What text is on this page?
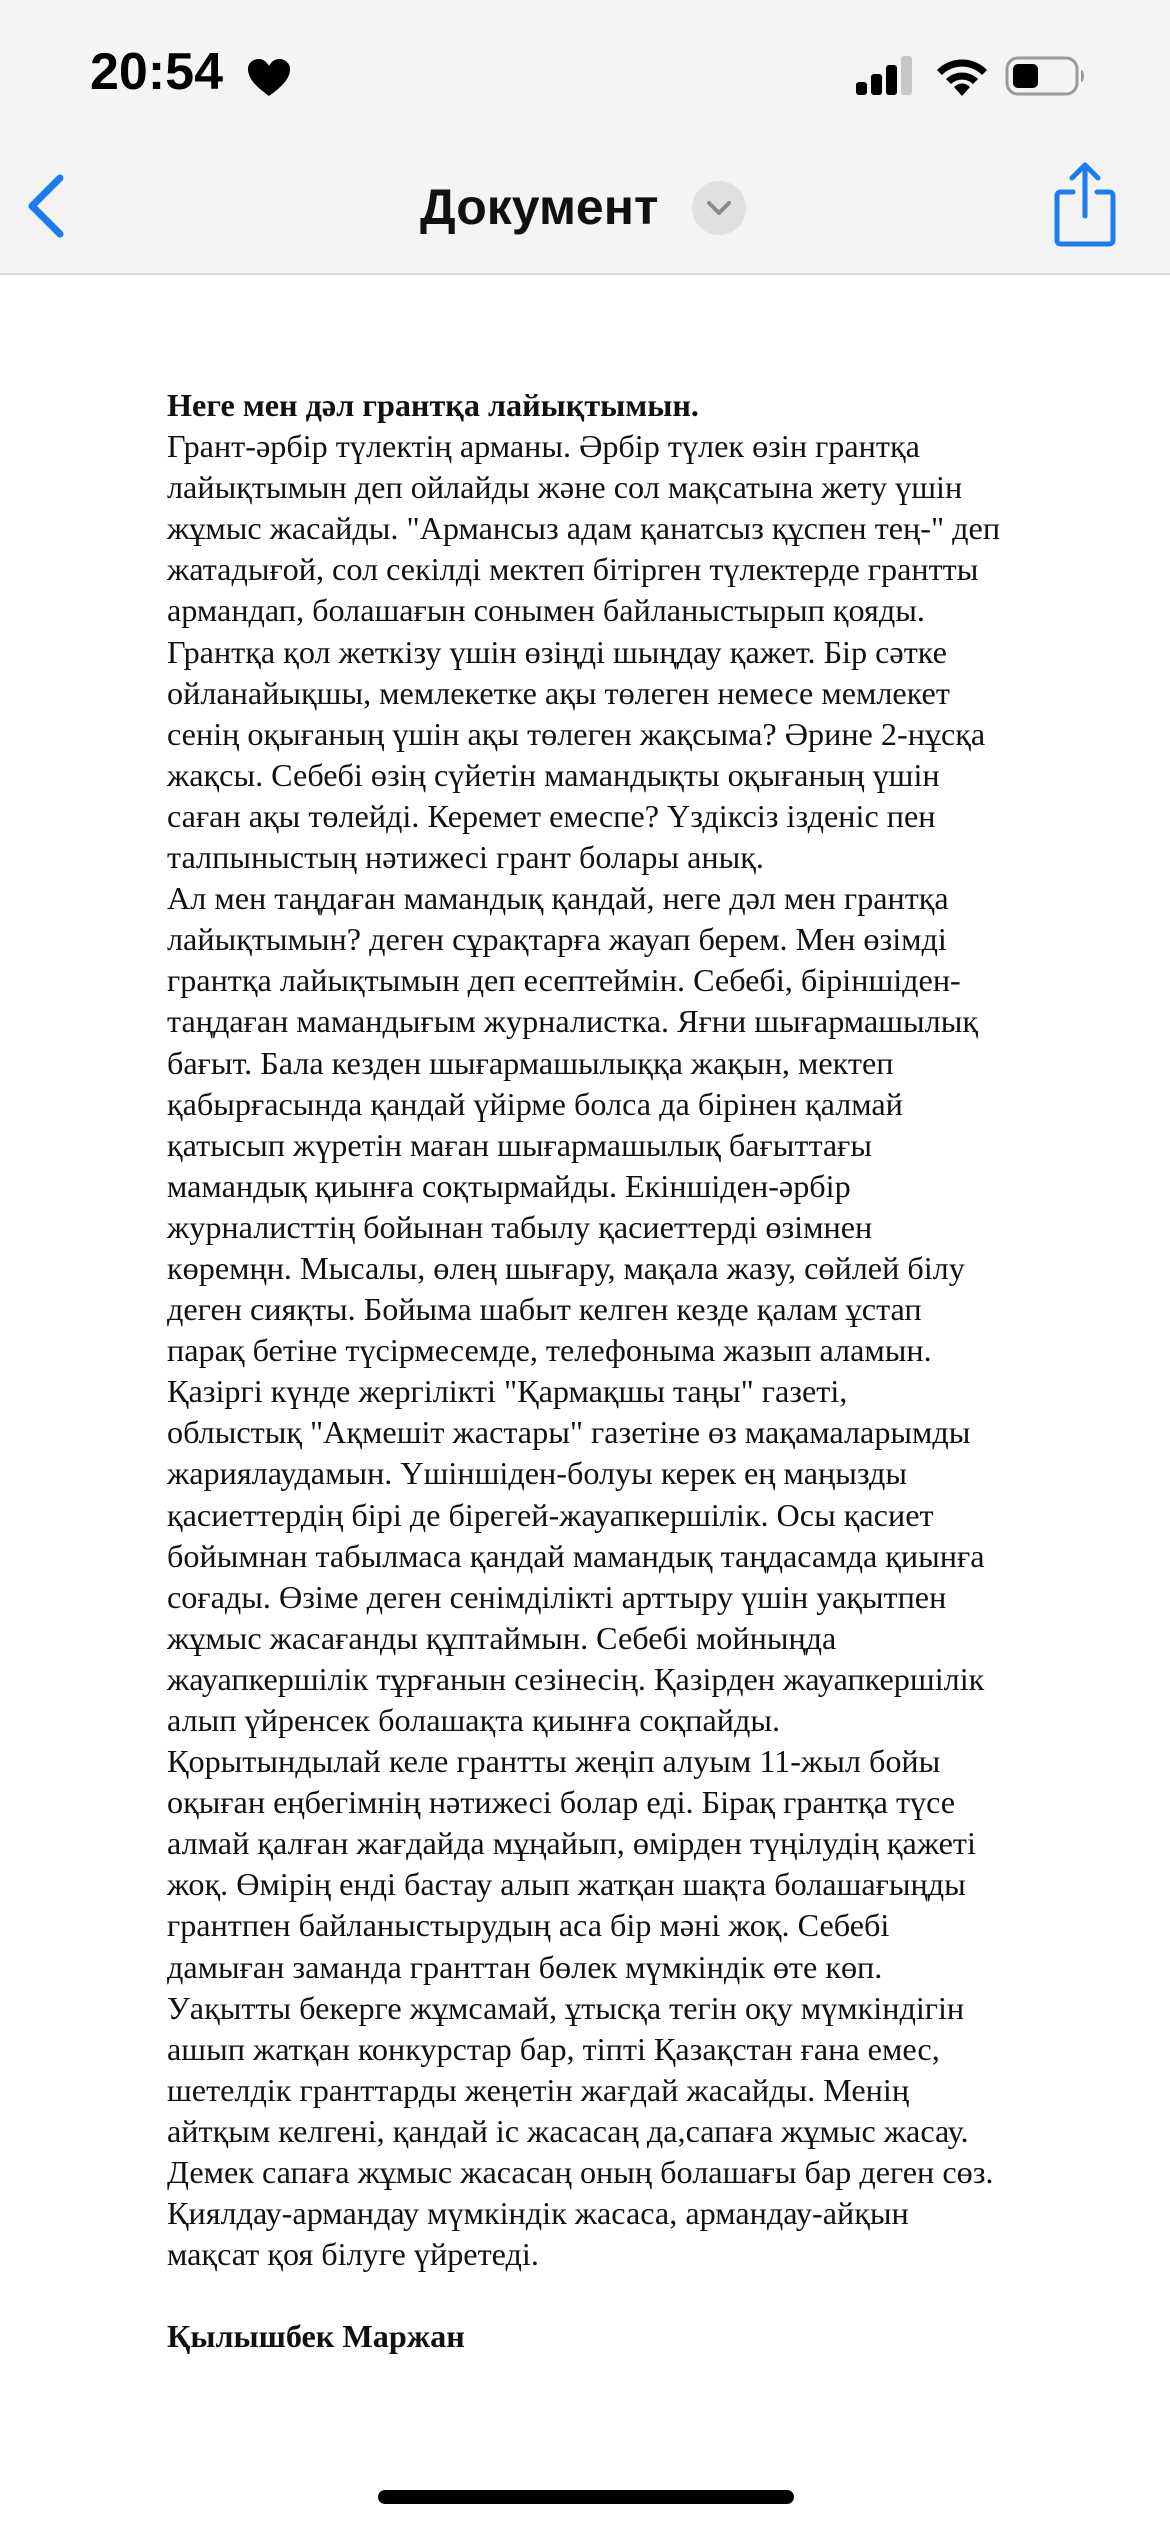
20:54
Документ
Неге мен дәл грантқа лайықтымын.
Грант-әрбір түлектің арманы. Әрбір түлек өзін грантқа
лайықтымын деп ойлайды және сол мақсатына жету үшін
жұмыс жасайды. "Армансыз адам қанатсыз құспен тең-" деп
жатадығой, сол секілді мектеп бітірген түлектерде грантты
армандап, болашағын сонымен байланыстырып қояды.
Грантқа қол жеткізу үшін өзіңді шыңдау қажет. Бір сәтке
ойланайықшы, мемлекетке ақы төлеген немесе мемлекет
сенің оқығаның үшін ақы төлеген жақсыма? Әрине 2-нұсқа
жақсы. Себебі өзің сүйетін мамандықты оқығаның үшін
саған ақы төлейді. Керемет емеспе? Үздіксіз ізденіс пен
талпыныстың нәтижесі грант болары анық.
Ал мен таңдаған мамандық қандай, неге дәл мен грантқа
лайықтымын? деген сұрақтарға жауап берем. Мен өзімді
грантқа лайықтымын деп есептеймін. Себебі, біріншіден-
таңдаған мамандығым журналистка. Яғни шығармашылық
бағыт. Бала кезден шығармашылыққа жақын, мектеп
қабырғасында қандай үйірме болса да бірінен қалмай
қатысып жүретін маған шығармашылық бағыттағы
мамандық қиынға соқтырмайды. Екіншіден-әрбір
журналисттің бойынан табылу қасиеттерді өзімнен
көремңн. Мысалы, өлең шығару, мақала жазу, сөйлей білу
деген сияқты. Бойыма шабыт келген кезде қалам ұстап
парақ бетіне түсірмесемде, телефоныма жазып аламын.
Қазіргі күнде жергілікті "Қармақшы таңы" газеті,
облыстық "Ақмешіт жастары" газетіне өз мақамаларымды
жариялаудамын. Үшіншіден-болуы керек ең маңызды
қасиеттердің бірі де бірегей-жауапкершілік. Осы қасиет
бойымнан табылмаса қандай мамандық таңдасамда қиынға
соғады. Өзіме деген сенімділікті арттыру үшін уақытпен
жұмыс жасағанды құптаймын. Себебі мойныңда
жауапкершілік тұрғанын сезінесің. Қазірден жауапкершілік
алып үйренсек болашақта қиынға соқпайды.
Қорытындылай келе грантты жеңіп алуым 11-жыл бойы
оқыған еңбегімнің нәтижесі болар еді. Бірақ грантқа түсе
алмай қалған жағдайда мұңайып, өмірден түңілудің қажеті
жоқ. Өмірің енді бастау алып жатқан шақта болашағыңды
грантпен байланыстырудың аса бір мәні жоқ. Себебі
дамыған заманда гранттан бөлек мүмкіндік өте көп.
Уақытты бекерге жұмсамай, ұтысқа тегін оқу мүмкіндігін
ашып жатқан конкурстар бар, тіпті Қазақстан ғана емес,
шетелдік гранттарды жеңетін жағдай жасайды. Менің
айтқым келгені, қандай іс жасасаң да,сапаға жұмыс жасау.
Демек сапаға жұмыс жасасаң оның болашағы бар деген сөз.
Қиялдау-армандау мүмкіндік жасаса, армандау-айқын
мақсат қоя білуге үйретеді.
Қылышбек Маржан
